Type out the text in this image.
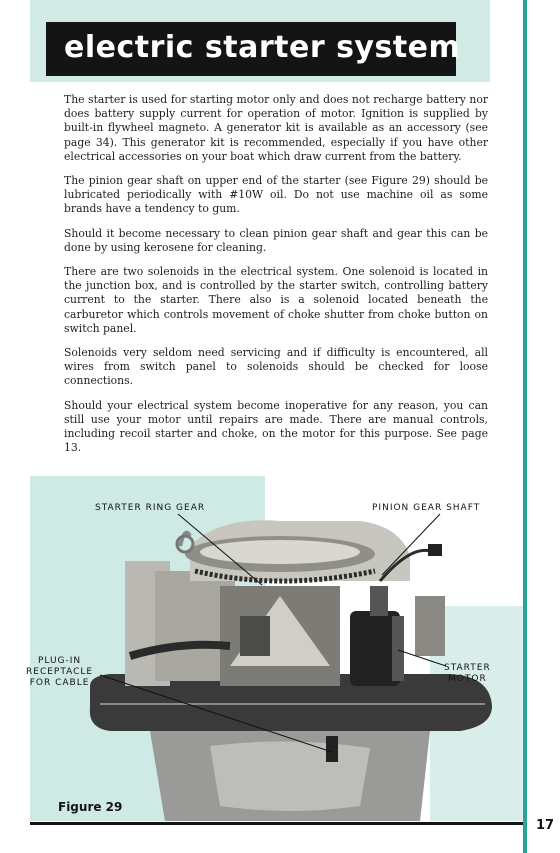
electric starter system

The starter is used for starting motor only and does not recharge battery nor does battery supply current for operation of motor. Ignition is supplied by built-in flywheel magneto. A generator kit is available as an accessory (see page 34). This generator kit is recommended, especially if you have other electrical accessories on your boat which draw current from the battery.

The pinion gear shaft on upper end of the starter (see Figure 29) should be lubricated periodically with #10W oil. Do not use machine oil as some brands have a tendency to gum.

Should it become necessary to clean pinion gear shaft and gear this can be done by using kerosene for cleaning.

There are two solenoids in the electrical system. One solenoid is located in the junction box, and is controlled by the starter switch, controlling battery current to the starter. There also is a solenoid located beneath the carburetor which controls movement of choke shutter from choke button on switch panel.

Solenoids very seldom need servicing and if difficulty is encountered, all wires from switch panel to solenoids should be checked for loose connections.

Should your electrical system become inoperative for any reason, you can still use your motor until repairs are made. There are manual controls, including recoil starter and choke, on the motor for this purpose. See page 13.

STARTER RING GEAR	PINION GEAR SHAFT
PLUG-IN
RECEPTACLE
FOR CABLE
STARTER
MOTOR
Figure 29
17
